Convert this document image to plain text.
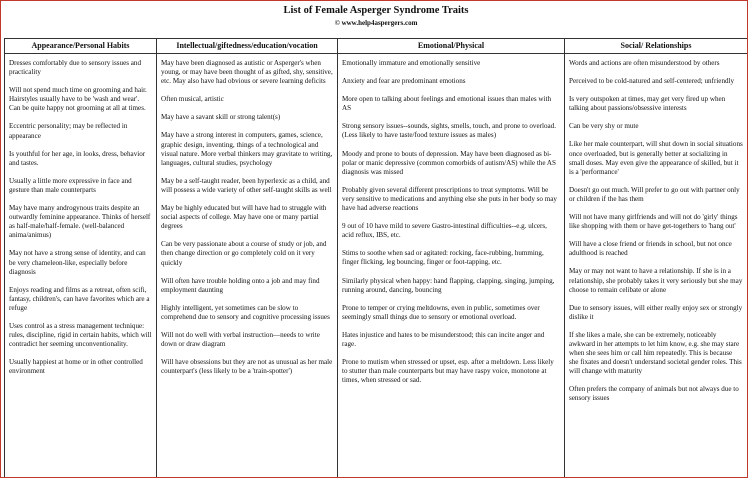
List of Female Asperger Syndrome Traits
© www.help4aspergers.com
Appearance/Personal Habits

Dresses comfortably due to sensory issues and practicality

Will not spend much time on grooming and hair. Hairstyles usually have to be 'wash and wear'. Can be quite happy not grooming at all at times.

Eccentric personality; may be reflected in appearance

Is youthful for her age, in looks, dress, behavior and tastes.

Usually a little more expressive in face and gesture than male counterparts

May have many androgynous traits despite an outwardly feminine appearance. Thinks of herself as half-male/half-female. (well-balanced anima/animus)

May not have a strong sense of identity, and can be very chameleon-like, especially before diagnosis

Enjoys reading and films as a retreat, often scifi, fantasy, children's, can have favorites which are a refuge

Uses control as a stress management technique: rules, discipline, rigid in certain habits, which will contradict her seeming unconventionality.

Usually happiest at home or in other controlled environment

Intellectual/giftedness/education/vocation

May have been diagnosed as autistic or Asperger's when young, or may have been thought of as gifted, shy, sensitive, etc. May also have had obvious or severe learning deficits

Often musical, artistic

May have a savant skill or strong talent(s)

May have a strong interest in computers, games, science, graphic design, inventing, things of a technological and visual nature. More verbal thinkers may gravitate to writing, languages, cultural studies, psychology

May be a self-taught reader, been hyperlexic as a child, and will possess a wide variety of other self-taught skills as well

May be highly educated but will have had to struggle with social aspects of college. May have one or many partial degrees

Can be very passionate about a course of study or job, and then change direction or go completely cold on it very quickly

Will often have trouble holding onto a job and may find employment daunting

Highly intelligent, yet sometimes can be slow to comprehend due to sensory and cognitive processing issues

Will not do well with verbal instruction—needs to write down or draw diagram

Will have obsessions but they are not as unusual as her male counterpart's (less likely to be a 'train-spotter')

Emotional/Physical

Emotionally immature and emotionally sensitive

Anxiety and fear are predominant emotions

More open to talking about feelings and emotional issues than males with AS

Strong sensory issues--sounds, sights, smells, touch, and prone to overload. (Less likely to have taste/food texture issues as males)

Moody and prone to bouts of depression. May have been diagnosed as bi-polar or manic depressive (common comorbids of autism/AS) while the AS diagnosis was missed

Probably given several different prescriptions to treat symptoms. Will be very sensitive to medications and anything else she puts in her body so may have had adverse reactions

9 out of 10 have mild to severe Gastro-intestinal difficulties--e.g. ulcers, acid reflux, IBS, etc.

Stims to soothe when sad or agitated: rocking, face-rubbing, humming, finger flicking, leg bouncing, finger or foot-tapping, etc.

Similarly physical when happy: hand flapping, clapping, singing, jumping, running around, dancing, bouncing

Prone to temper or crying meltdowns, even in public, sometimes over seemingly small things due to sensory or emotional overload.

Hates injustice and hates to be misunderstood; this can incite anger and rage.

Prone to mutism when stressed or upset, esp. after a meltdown. Less likely to stutter than male counterparts but may have raspy voice, monotone at times, when stressed or sad.

Social/ Relationships

Words and actions are often misunderstood by others

Perceived to be cold-natured and self-centered; unfriendly

Is very outspoken at times, may get very fired up when talking about passions/obsessive interests

Can be very shy or mute

Like her male counterpart, will shut down in social situations once overloaded, but is generally better at socializing in small doses. May even give the appearance of skilled, but it is a 'performance'

Doesn't go out much. Will prefer to go out with partner only or children if the has them

Will not have many girlfriends and will not do 'girly' things like shopping with them or have get-togethers to 'hang out'

Will have a close friend or friends in school, but not once adulthood is reached

May or may not want to have a relationship. If she is in a relationship, she probably takes it very seriously but she may choose to remain celibate or alone

Due to sensory issues, will either really enjoy sex or strongly dislike it

If she likes a male, she can be extremely, noticeably awkward in her attempts to let him know, e.g. she may stare when she sees him or call him repeatedly. This is because she fixates and doesn't understand societal gender roles. This will change with maturity

Often prefers the company of animals but not always due to sensory issues
